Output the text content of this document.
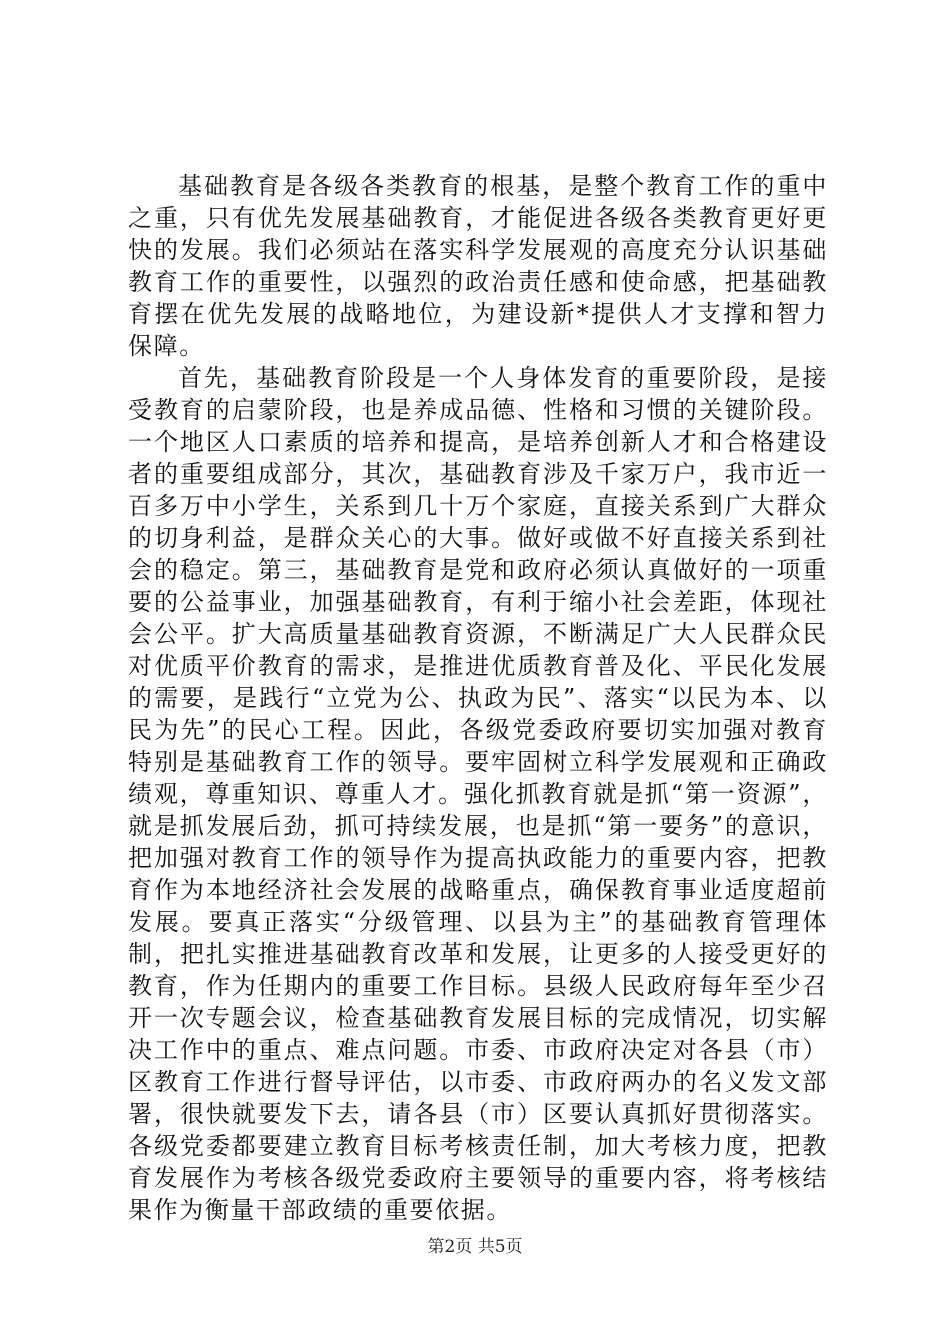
基础教育是各级各类教育的根基，是整个教育工作的重中之重，只有优先发展基础教育，才能促进各级各类教育更好更快的发展。我们必须站在落实科学发展观的高度充分认识基础教育工作的重要性，以强烈的政治责任感和使命感，把基础教育摆在优先发展的战略地位，为建设新*提供人才支撑和智力保障。

首先，基础教育阶段是一个人身体发育的重要阶段，是接受教育的启蒙阶段，也是养成品德、性格和习惯的关键阶段。一个地区人口素质的培养和提高，是培养创新人才和合格建设者的重要组成部分，其次，基础教育涉及千家万户，我市近一百多万中小学生，关系到几十万个家庭，直接关系到广大群众的切身利益，是群众关心的大事。做好或做不好直接关系到社会的稳定。第三，基础教育是党和政府必须认真做好的一项重要的公益事业，加强基础教育，有利于缩小社会差距，体现社会公平。扩大高质量基础教育资源，不断满足广大人民群众民对优质平价教育的需求，是推进优质教育普及化、平民化发展的需要，是践行“立党为公、执政为民”、落实“以民为本、以民为先”的民心工程。因此，各级党委政府要切实加强对教育特别是基础教育工作的领导。要牢固树立科学发展观和正确政绩观，尊重知识、尊重人才。强化抓教育就是抓“第一资源”，就是抓发展后劲，抓可持续发展，也是抓“第一要务”的意识，把加强对教育工作的领导作为提高执政能力的重要内容，把教育作为本地经济社会发展的战略重点，确保教育事业适度超前发展。要真正落实“分级管理、以县为主”的基础教育管理体制，把扎实推进基础教育改革和发展，让更多的人接受更好的教育，作为任期内的重要工作目标。县级人民政府每年至少召开一次专题会议，检查基础教育发展目标的完成情况，切实解决工作中的重点、难点问题。市委、市政府决定对各县（市）区教育工作进行督导评估，以市委、市政府两办的名义发文部署，很快就要发下去，请各县（市）区要认真抓好贯彻落实。各级党委都要建立教育目标考核责任制，加大考核力度，把教育发展作为考核各级党委政府主要领导的重要内容，将考核结果作为衡量干部政绩的重要依据。

第2页 共5页
